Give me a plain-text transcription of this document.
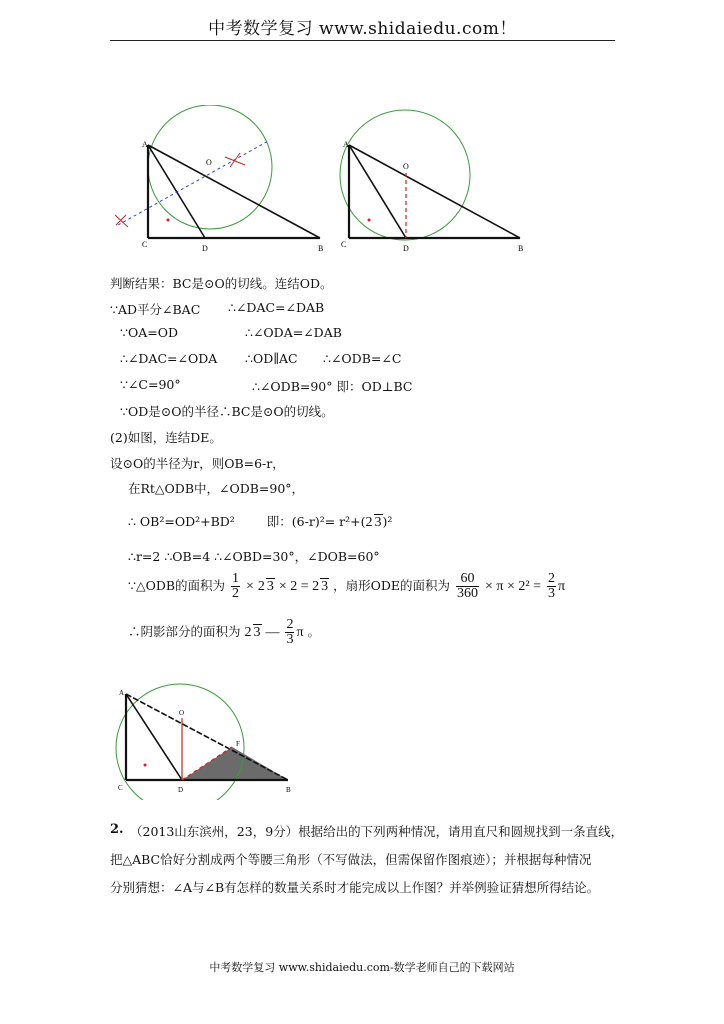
中考数学复习 www.shidaiedu.com！
A
O
C	D	B
A
O
C	D	B
判断结果：BC是⊙O的切线。连结OD。
∵AD平分∠BAC ∴∠DAC=∠DAB
∵OA=OD	∴∠ODA=∠DAB
∴∠DAC=∠ODA ∴OD∥AC ∴∠ODB=∠C
∵∠C=90°	∴∠ODB=90° 即：OD⊥BC
∵OD是⊙O的半径∴BC是⊙O的切线。
(2)如图，连结DE。
设⊙O的半径为r，则OB=6-r，
在Rt△ODB中，∠ODB=90°，
∴ OB²=OD²+BD²	即：(6-r)²= r²+(2 3)²
∴r=2 ∴OB=4 ∴∠OBD=30°，∠DOB=60°
∵△ODB的面积为 $\frac{1}{2} \times 2$ 3 × 2 = 2 3 ，扇形ODE的面积为 $\frac{60}{360} \times \pi \times 2^2 = \frac{2}{3}$ π
∴阴影部分的面积为 2 3 — $\frac{2}{3}$ π 。
A
O
F
C	D	B
2. （2013山东滨州，23，9分）根据给出的下列两种情况，请用直尺和圆规找到一条直线，
把△ABC恰好分割成两个等腰三角形（不写做法，但需保留作图痕迹）；并根据每种情况
分别猜想：∠A与∠B有怎样的数量关系时才能完成以上作图？并举例验证猜想所得结论。
中考数学复习 www.shidaiedu.com-数学老师自己的下载网站
